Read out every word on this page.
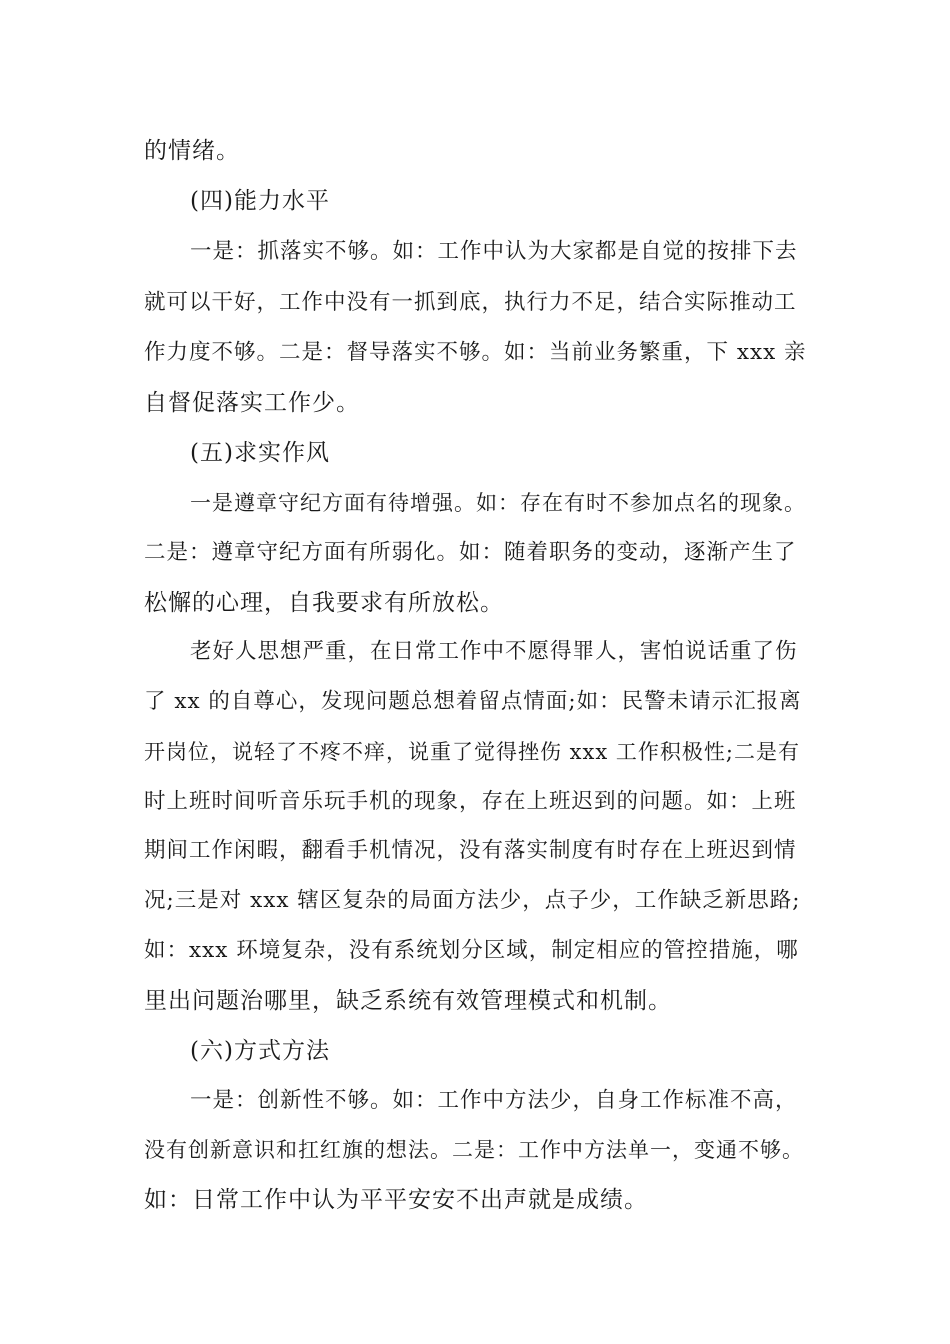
的情绪。
(四)能力水平
一是：抓落实不够。如：工作中认为大家都是自觉的按排下去
就可以干好，工作中没有一抓到底，执行力不足，结合实际推动工
作力度不够。二是：督导落实不够。如：当前业务繁重，下 xxx 亲
自督促落实工作少。
(五)求实作风
一是遵章守纪方面有待增强。如：存在有时不参加点名的现象。
二是：遵章守纪方面有所弱化。如：随着职务的变动，逐渐产生了
松懈的心理，自我要求有所放松。
老好人思想严重，在日常工作中不愿得罪人，害怕说话重了伤
了 xx 的自尊心，发现问题总想着留点情面;如：民警未请示汇报离
开岗位，说轻了不疼不痒，说重了觉得挫伤 xxx 工作积极性;二是有
时上班时间听音乐玩手机的现象，存在上班迟到的问题。如：上班
期间工作闲暇，翻看手机情况，没有落实制度有时存在上班迟到情
况;三是对 xxx 辖区复杂的局面方法少，点子少，工作缺乏新思路;
如：xxx 环境复杂，没有系统划分区域，制定相应的管控措施，哪
里出问题治哪里，缺乏系统有效管理模式和机制。
(六)方式方法
一是：创新性不够。如：工作中方法少，自身工作标准不高，
没有创新意识和扛红旗的想法。二是：工作中方法单一，变通不够。
如：日常工作中认为平平安安不出声就是成绩。
